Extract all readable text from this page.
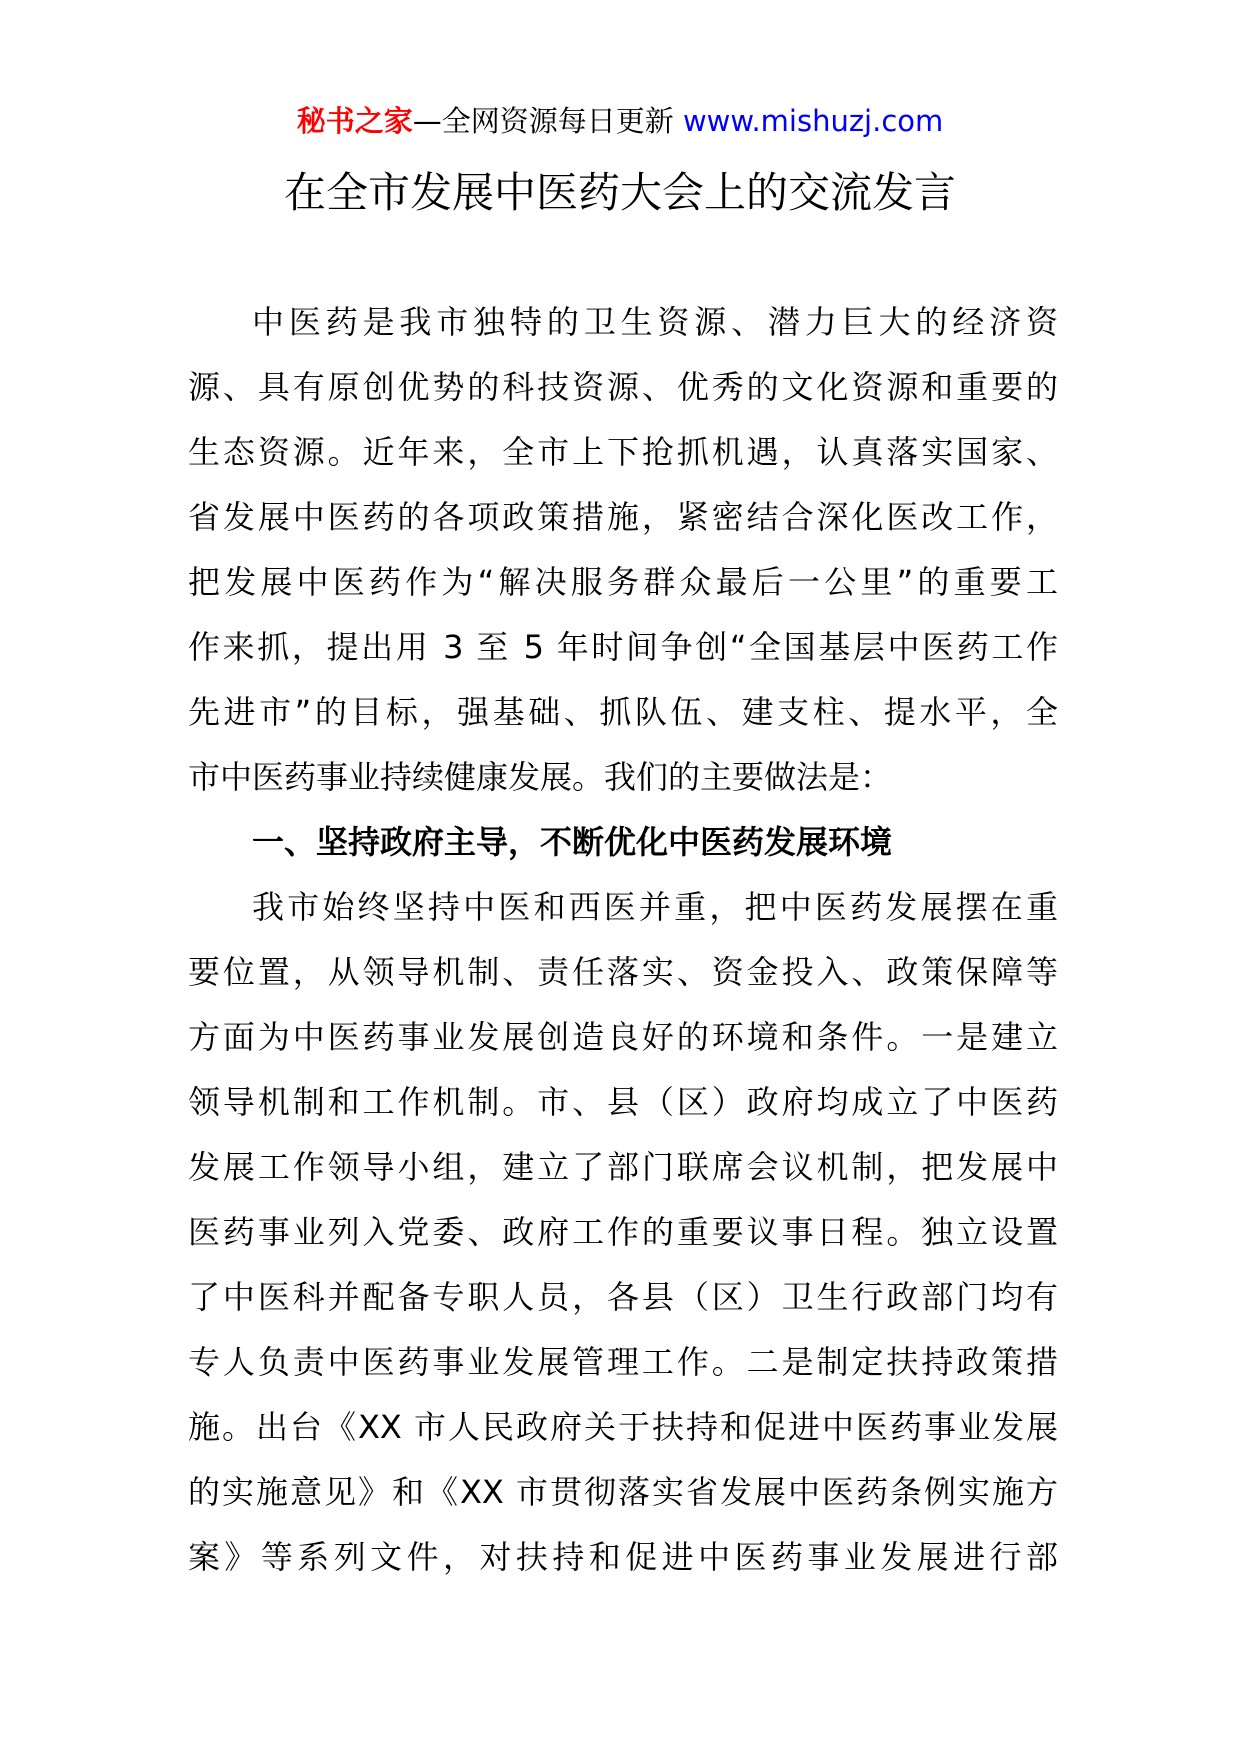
秘书之家—全网资源每日更新 www.mishuzj.com
在全市发展中医药大会上的交流发言
中医药是我市独特的卫生资源、潜力巨大的经济资
源、具有原创优势的科技资源、优秀的文化资源和重要的
生态资源。近年来，全市上下抢抓机遇，认真落实国家、
省发展中医药的各项政策措施，紧密结合深化医改工作，
把发展中医药作为“解决服务群众最后一公里”的重要工
作来抓，提出用 3 至 5 年时间争创“全国基层中医药工作
先进市”的目标，强基础、抓队伍、建支柱、提水平，全
市中医药事业持续健康发展。我们的主要做法是：
一、坚持政府主导，不断优化中医药发展环境
我市始终坚持中医和西医并重，把中医药发展摆在重
要位置，从领导机制、责任落实、资金投入、政策保障等
方面为中医药事业发展创造良好的环境和条件。一是建立
领导机制和工作机制。市、县（区）政府均成立了中医药
发展工作领导小组，建立了部门联席会议机制，把发展中
医药事业列入党委、政府工作的重要议事日程。独立设置
了中医科并配备专职人员，各县（区）卫生行政部门均有
专人负责中医药事业发展管理工作。二是制定扶持政策措
施。出台《XX 市人民政府关于扶持和促进中医药事业发展
的实施意见》和《XX 市贯彻落实省发展中医药条例实施方
案》等系列文件，对扶持和促进中医药事业发展进行部
